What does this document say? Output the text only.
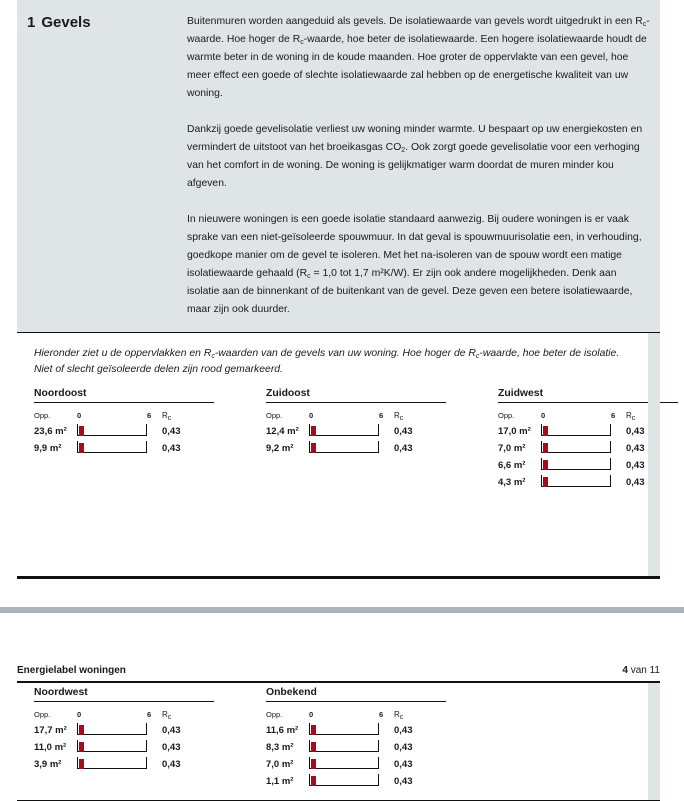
1 Gevels	Buitenmuren worden aangeduid als gevels. De isolatiewaarde van gevels wordt uitgedrukt in een $R_c$-waarde. Hoe hoger de $R_c$-waarde, hoe beter de isolatiewaarde. Een hogere isolatiewaarde houdt de warmte beter in de woning in de koude maanden. Hoe groter de oppervlakte van een gevel, hoe meer effect een goede of slechte isolatiewaarde zal hebben op de energetische kwaliteit van uw woning.

Dankzij goede gevelisolatie verliest uw woning minder warmte. U bespaart op uw energiekosten en vermindert de uitstoot van het broeikasgas $CO_2$. Ook zorgt goede gevelisolatie voor een verhoging van het comfort in de woning. De woning is gelijkmatiger warm doordat de muren minder kou afgeven.

In nieuwere woningen is een goede isolatie standaard aanwezig. Bij oudere woningen is er vaak sprake van een niet-geïsoleerde spouwmuur. In dat geval is spouwmuurisolatie een, in verhouding, goedkope manier om de gevel te isoleren. Met het na-isoleren van de spouw wordt een matige isolatiewaarde gehaald ($R_c = 1,0$ tot 1,7 m²K/W). Er zijn ook andere mogelijkheden. Denk aan isolatie aan de binnenkant of de buitenkant van de gevel. Deze geven een betere isolatiewaarde, maar zijn ook duurder.

Hieronder ziet u de oppervlakken en $R_c$-waarden van de gevels van uw woning. Hoe hoger de $R_c$-waarde, hoe beter de isolatie.
Niet of slecht geïsoleerde delen zijn rood gemarkeerd.
Noordoost
Opp.	0	6 $R_c$
23,6 m²	0,43
9,9 m²	0,43
Zuidoost
Opp.	0	6 $R_c$
12,4 m²	0,43
9,2 m²	0,43
Zuidwest
Opp.	0	6 $R_c$
17,0 m²	0,43
7,0 m²	0,43
6,6 m²	0,43
4,3 m²	0,43
Energielabel woningen	4 van 11
Noordwest
Opp.	0	6 $R_c$
17,7 m²	0,43
11,0 m²	0,43
3,9 m²	0,43
Onbekend
Opp.	0	6 $R_c$
11,6 m²	0,43
8,3 m²	0,43
7,0 m²	0,43
1,1 m²	0,43
